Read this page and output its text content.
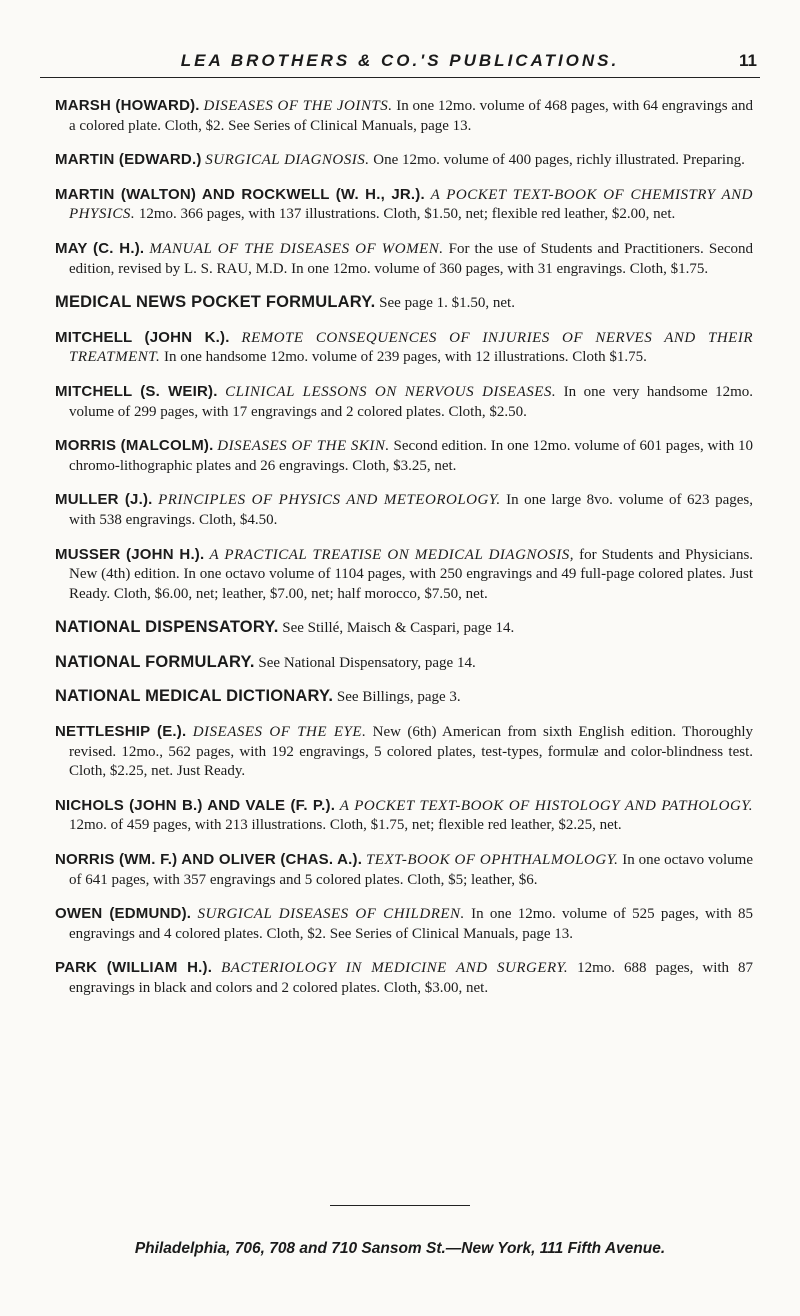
LEA BROTHERS & CO.'S PUBLICATIONS.	11
MARSH (HOWARD). DISEASES OF THE JOINTS. In one 12mo. volume of 468 pages, with 64 engravings and a colored plate. Cloth, $2. See Series of Clinical Manuals, page 13.
MARTIN (EDWARD.) SURGICAL DIAGNOSIS. One 12mo. volume of 400 pages, richly illustrated. Preparing.
MARTIN (WALTON) AND ROCKWELL (W. H., JR.). A POCKET TEXT-BOOK OF CHEMISTRY AND PHYSICS. 12mo. 366 pages, with 137 illustrations. Cloth, $1.50, net; flexible red leather, $2.00, net.
MAY (C. H.). MANUAL OF THE DISEASES OF WOMEN. For the use of Students and Practitioners. Second edition, revised by L. S. RAU, M.D. In one 12mo. volume of 360 pages, with 31 engravings. Cloth, $1.75.
MEDICAL NEWS POCKET FORMULARY. See page 1. $1.50, net.
MITCHELL (JOHN K.). REMOTE CONSEQUENCES OF INJURIES OF NERVES AND THEIR TREATMENT. In one handsome 12mo. volume of 239 pages, with 12 illustrations. Cloth $1.75.
MITCHELL (S. WEIR). CLINICAL LESSONS ON NERVOUS DISEASES. In one very handsome 12mo. volume of 299 pages, with 17 engravings and 2 colored plates. Cloth, $2.50.
MORRIS (MALCOLM). DISEASES OF THE SKIN. Second edition. In one 12mo. volume of 601 pages, with 10 chromo-lithographic plates and 26 engravings. Cloth, $3.25, net.
MULLER (J.). PRINCIPLES OF PHYSICS AND METEOROLOGY. In one large 8vo. volume of 623 pages, with 538 engravings. Cloth, $4.50.
MUSSER (JOHN H.). A PRACTICAL TREATISE ON MEDICAL DIAGNOSIS, for Students and Physicians. New (4th) edition. In one octavo volume of 1104 pages, with 250 engravings and 49 full-page colored plates. Just Ready. Cloth, $6.00, net; leather, $7.00, net; half morocco, $7.50, net.
NATIONAL DISPENSATORY. See Stillé, Maisch & Caspari, page 14.
NATIONAL FORMULARY. See National Dispensatory, page 14.
NATIONAL MEDICAL DICTIONARY. See Billings, page 3.
NETTLESHIP (E.). DISEASES OF THE EYE. New (6th) American from sixth English edition. Thoroughly revised. 12mo., 562 pages, with 192 engravings, 5 colored plates, test-types, formulæ and color-blindness test. Cloth, $2.25, net. Just Ready.
NICHOLS (JOHN B.) AND VALE (F. P.). A POCKET TEXT-BOOK OF HISTOLOGY AND PATHOLOGY. 12mo. of 459 pages, with 213 illustrations. Cloth, $1.75, net; flexible red leather, $2.25, net.
NORRIS (WM. F.) AND OLIVER (CHAS. A.). TEXT-BOOK OF OPHTHALMOLOGY. In one octavo volume of 641 pages, with 357 engravings and 5 colored plates. Cloth, $5; leather, $6.
OWEN (EDMUND). SURGICAL DISEASES OF CHILDREN. In one 12mo. volume of 525 pages, with 85 engravings and 4 colored plates. Cloth, $2. See Series of Clinical Manuals, page 13.
PARK (WILLIAM H.). BACTERIOLOGY IN MEDICINE AND SURGERY. 12mo. 688 pages, with 87 engravings in black and colors and 2 colored plates. Cloth, $3.00, net.
Philadelphia, 706, 708 and 710 Sansom St.—New York, 111 Fifth Avenue.
